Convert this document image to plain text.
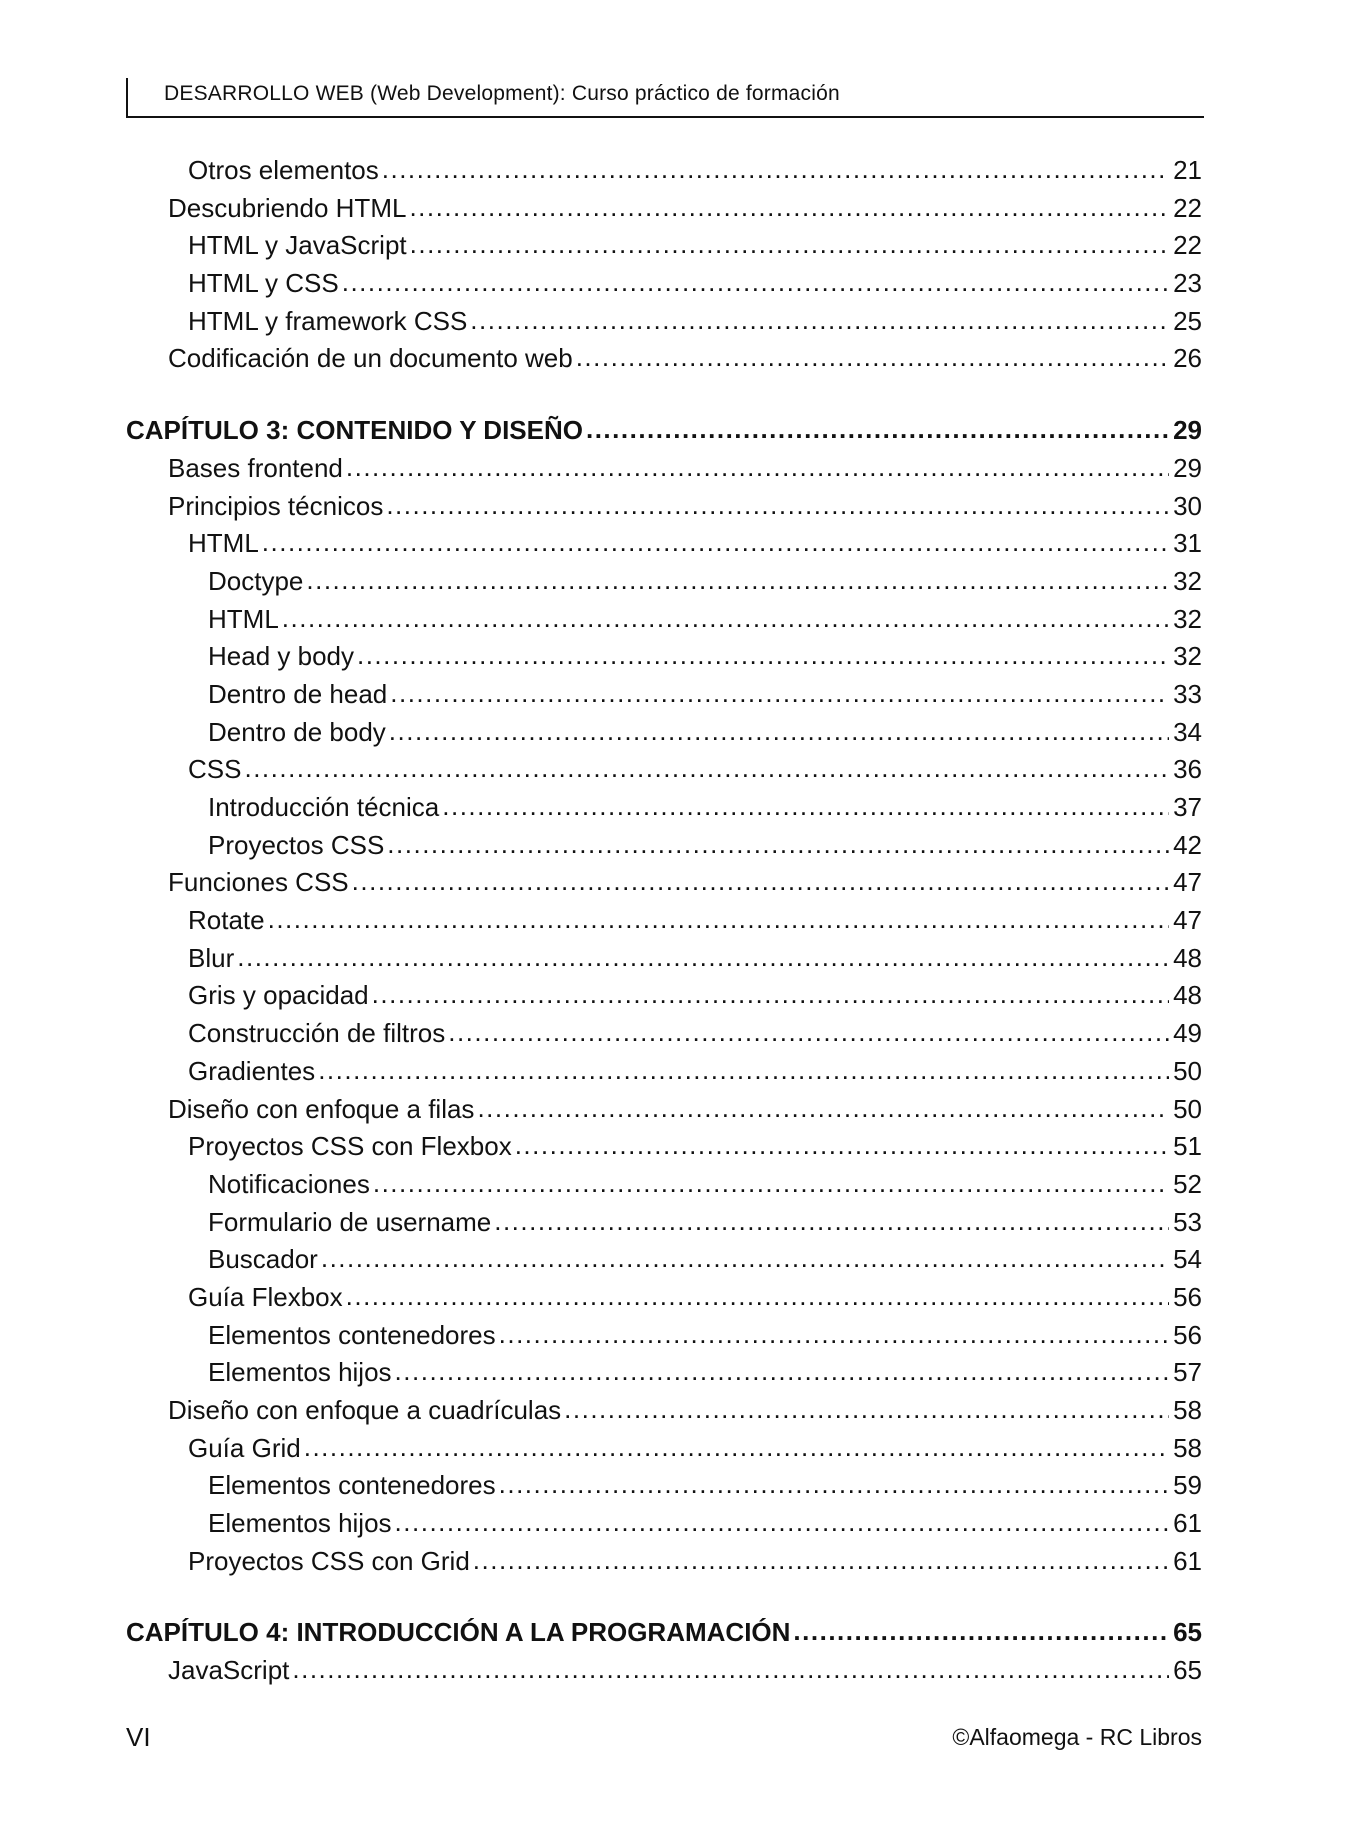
DESARROLLO WEB (Web Development): Curso práctico de formación
Otros elementos .....	21
Descubriendo HTML .....	22
HTML y JavaScript .....	22
HTML y CSS .....	23
HTML y framework CSS .....	25
Codificación de un documento web .....	26
CAPÍTULO 3: CONTENIDO Y DISEÑO .....	29
Bases frontend .....	29
Principios técnicos .....	30
HTML .....	31
Doctype .....	32
HTML .....	32
Head y body .....	32
Dentro de head .....	33
Dentro de body .....	34
CSS .....	36
Introducción técnica .....	37
Proyectos CSS .....	42
Funciones CSS .....	47
Rotate .....	47
Blur .....	48
Gris y opacidad .....	48
Construcción de filtros .....	49
Gradientes .....	50
Diseño con enfoque a filas .....	50
Proyectos CSS con Flexbox .....	51
Notificaciones .....	52
Formulario de username .....	53
Buscador .....	54
Guía Flexbox .....	56
Elementos contenedores .....	56
Elementos hijos .....	57
Diseño con enfoque a cuadrículas .....	58
Guía Grid .....	58
Elementos contenedores .....	59
Elementos hijos .....	61
Proyectos CSS con Grid .....	61
CAPÍTULO 4: INTRODUCCIÓN A LA PROGRAMACIÓN .....	65
JavaScript .....	65
VI	©Alfaomega - RC Libros
